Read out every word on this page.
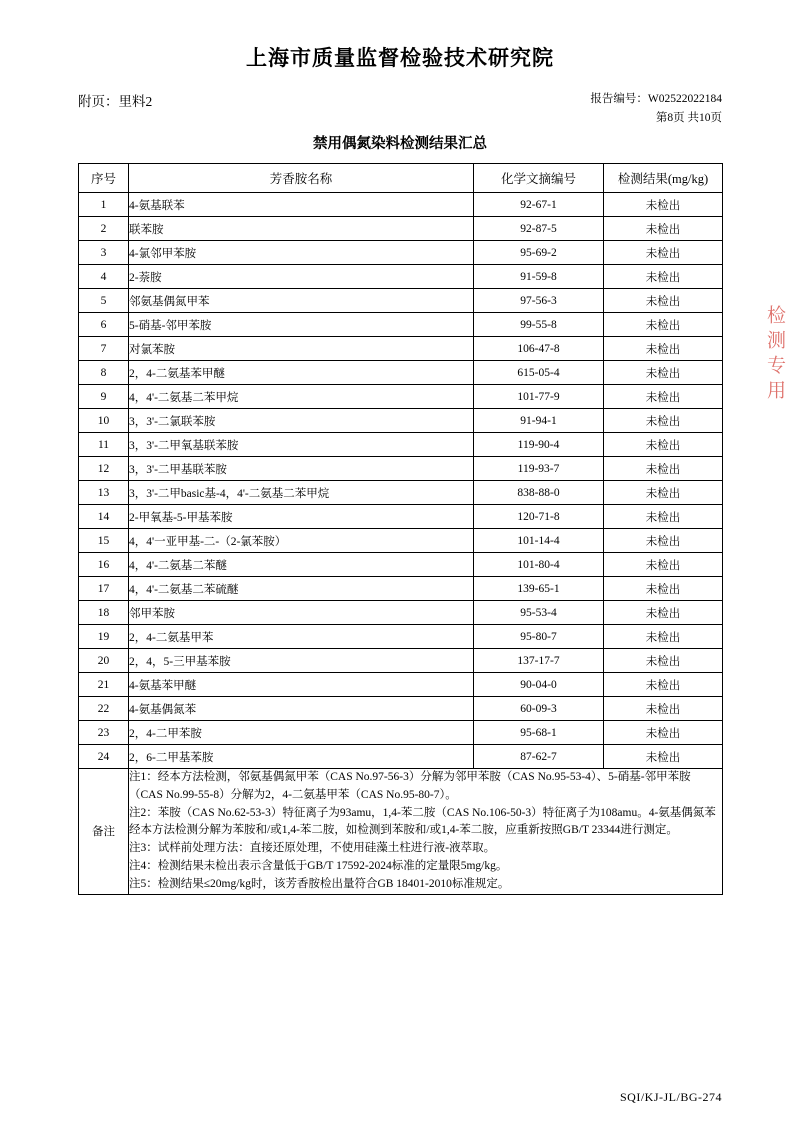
上海市质量监督检验技术研究院
附页：里料2	报告编号：W02522022184
第8页 共10页
禁用偶氮染料检测结果汇总
序号	芳香胺名称	化学文摘编号	检测结果(mg/kg)
1	4-氨基联苯	92-67-1	未检出
2	联苯胺	92-87-5	未检出
3	4-氯邻甲苯胺	95-69-2	未检出
4	2-萘胺	91-59-8	未检出
5	邻氨基偶氮甲苯	97-56-3	未检出
6	5-硝基-邻甲苯胺	99-55-8	未检出
7	对氯苯胺	106-47-8	未检出
8	2，4-二氨基苯甲醚	615-05-4	未检出
9	4，4'-二氨基二苯甲烷	101-77-9	未检出
10	3，3'-二氯联苯胺	91-94-1	未检出
11	3，3'-二甲氧基联苯胺	119-90-4	未检出
12	3，3'-二甲基联苯胺	119-93-7	未检出
13	3，3'-二甲basic基-4，4'-二氨基二苯甲烷	838-88-0	未检出
14	2-甲氧基-5-甲基苯胺	120-71-8	未检出
15	4，4'一亚甲基-二-（2-氯苯胺）	101-14-4	未检出
16	4，4'-二氨基二苯醚	101-80-4	未检出
17	4，4'-二氨基二苯硫醚	139-65-1	未检出
18	邻甲苯胺	95-53-4	未检出
19	2，4-二氨基甲苯	95-80-7	未检出
20	2，4，5-三甲基苯胺	137-17-7	未检出
21	4-氨基苯甲醚	90-04-0	未检出
22	4-氨基偶氮苯	60-09-3	未检出
23	2，4-二甲苯胺	95-68-1	未检出
24	2，6-二甲基苯胺	87-62-7	未检出
备注	注1：经本方法检测，邻氨基偶氮甲苯（CAS No.97-56-3）分解为邻甲苯胺（CAS No.95-53-4）、5-硝基-邻甲苯胺（CAS No.99-55-8）分解为2，4-二氨基甲苯（CAS No.95-80-7）。

注2：苯胺（CAS No.62-53-3）特征离子为93amu，1,4-苯二胺（CAS No.106-50-3）特征离子为108amu。4-氨基偶氮苯经本方法检测分解为苯胺和/或1,4-苯二胺，如检测到苯胺和/或1,4-苯二胺，应重新按照GB/T 23344进行测定。

注3：试样前处理方法：直接还原处理，不使用硅藻土柱进行液-液萃取。

注4：检测结果未检出表示含量低于GB/T 17592-2024标准的定量限5mg/kg。

注5：检测结果≤20mg/kg时，该芳香胺检出量符合GB 18401-2010标准规定。		

检测专用
SQI/KJ-JL/BG-274
